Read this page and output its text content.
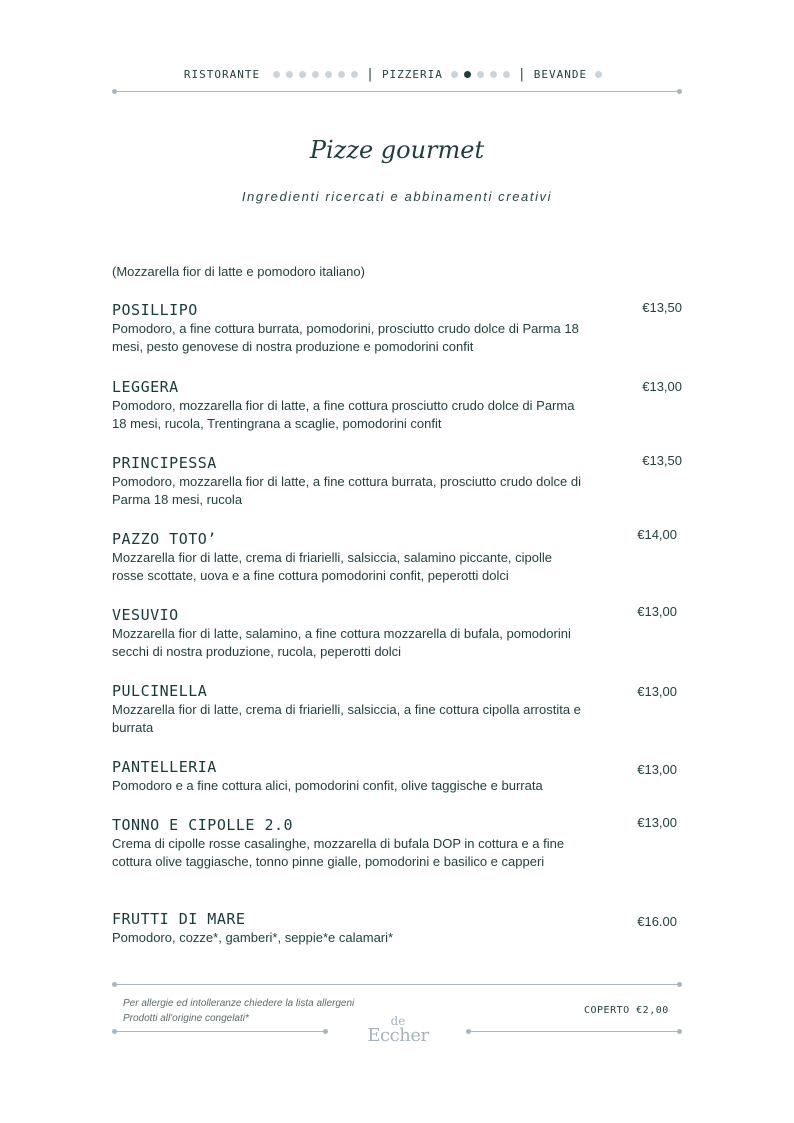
RISTORANTE	| PIZZERIA	| BEVANDE
Pizze gourmet
Ingredienti ricercati e abbinamenti creativi
(Mozzarella fior di latte e pomodoro italiano)
POSILLIPO	€13,50
Pomodoro, a fine cottura burrata, pomodorini, prosciutto crudo dolce di Parma 18 mesi, pesto genovese di nostra produzione e pomodorini confit
LEGGERA	€13,00
Pomodoro, mozzarella fior di latte, a fine cottura prosciutto crudo dolce di Parma 18 mesi, rucola, Trentingrana a scaglie, pomodorini confit
PRINCIPESSA	€13,50
Pomodoro, mozzarella fior di latte, a fine cottura burrata, prosciutto crudo dolce di Parma 18 mesi, rucola
PAZZO TOTO’	€14,00
Mozzarella fior di latte, crema di friarielli, salsiccia, salamino piccante, cipolle rosse scottate, uova e a fine cottura pomodorini confit, peperotti dolci
VESUVIO	€13,00
Mozzarella fior di latte, salamino, a fine cottura mozzarella di bufala, pomodorini secchi di nostra produzione, rucola, peperotti dolci
PULCINELLA	€13,00
Mozzarella fior di latte, crema di friarielli, salsiccia, a fine cottura cipolla arrostita e burrata
PANTELLERIA	€13,00
Pomodoro e a fine cottura alici, pomodorini confit, olive taggische e burrata
TONNO E CIPOLLE 2.0	€13,00
Crema di cipolle rosse casalinghe, mozzarella di bufala DOP in cottura e a fine cottura olive taggiasche, tonno pinne gialle, pomodorini e basilico e capperi
FRUTTI DI MARE	€16.00
Pomodoro, cozze*, gamberi*, seppie*e calamari*
Per allergie ed intolleranze chiedere la lista allergeni
Prodotti all'origine congelati*
COPERTO €2,00
de
Eccher
